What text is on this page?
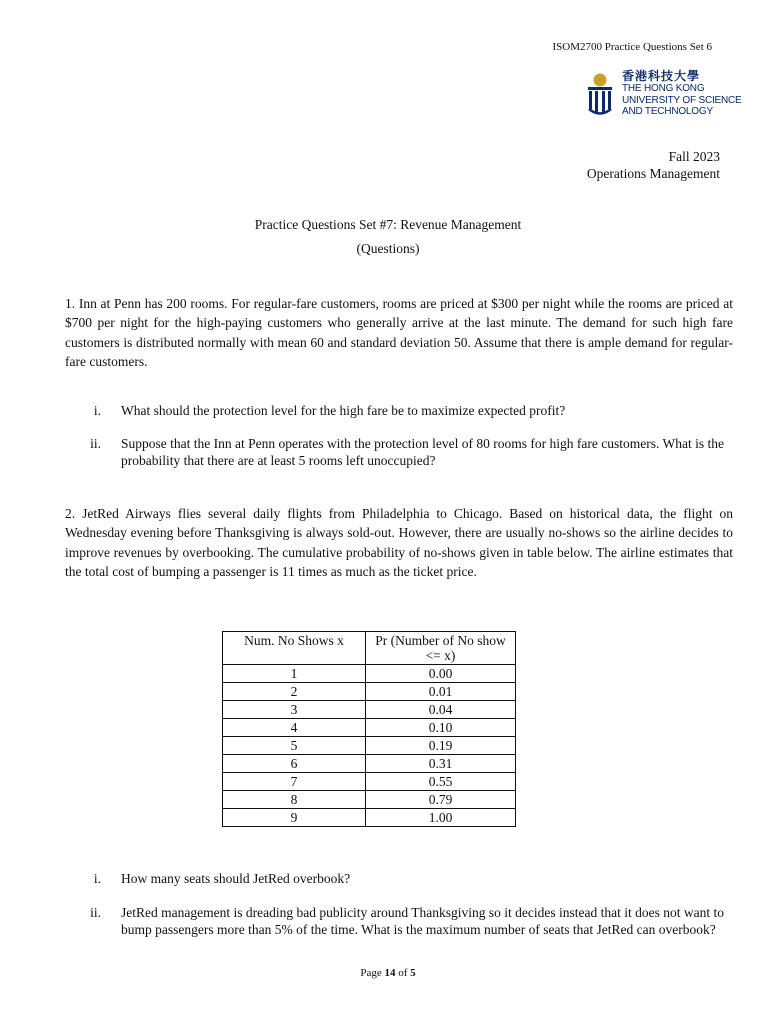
ISOM2700 Practice Questions Set 6
香港科技大學
THE HONG KONG
UNIVERSITY OF SCIENCE
AND TECHNOLOGY
Fall 2023
Operations Management
Practice Questions Set #7: Revenue Management
(Questions)
1. Inn at Penn has 200 rooms. For regular-fare customers, rooms are priced at $300 per night while the rooms are priced at $700 per night for the high-paying customers who generally arrive at the last minute. The demand for such high fare customers is distributed normally with mean 60 and standard deviation 50. Assume that there is ample demand for regular-fare customers.
i. What should the protection level for the high fare be to maximize expected profit?
ii. Suppose that the Inn at Penn operates with the protection level of 80 rooms for high fare customers. What is the probability that there are at least 5 rooms left unoccupied?
2. JetRed Airways flies several daily flights from Philadelphia to Chicago. Based on historical data, the flight on Wednesday evening before Thanksgiving is always sold-out. However, there are usually no-shows so the airline decides to improve revenues by overbooking. The cumulative probability of no-shows given in table below. The airline estimates that the total cost of bumping a passenger is 11 times as much as the ticket price.
Num. No Shows x	Pr (Number of No show <= x)
1	0.00
2	0.01
3	0.04
4	0.10
5	0.19
6	0.31
7	0.55
8	0.79
9	1.00
i. How many seats should JetRed overbook?
ii. JetRed management is dreading bad publicity around Thanksgiving so it decides instead that it does not want to bump passengers more than 5% of the time. What is the maximum number of seats that JetRed can overbook?
Page 14 of 5
